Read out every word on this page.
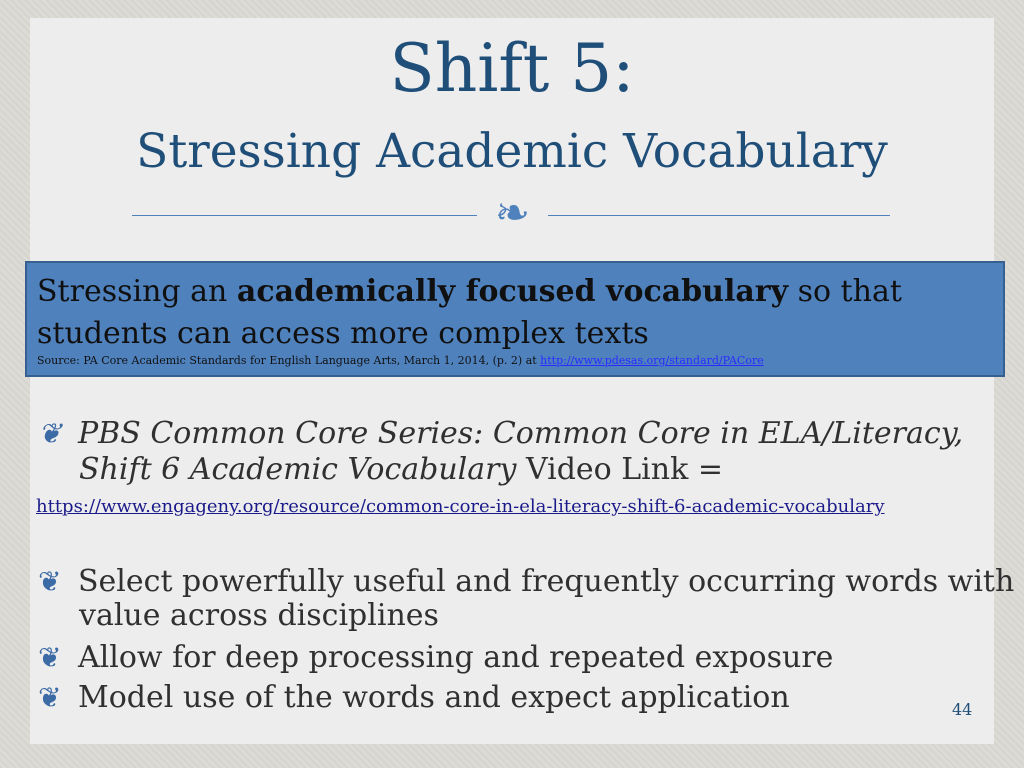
Shift 5:
Stressing Academic Vocabulary
❧
Stressing an academically focused vocabulary so that students can access more complex texts
Source: PA Core Academic Standards for English Language Arts, March 1, 2014, (p. 2) at http://www.pdesas.org/standard/PACore
❦ PBS Common Core Series: Common Core in ELA/Literacy,
Shift 6 Academic Vocabulary Video Link =
https://www.engageny.org/resource/common-core-in-ela-literacy-shift-6-academic-vocabulary
❦ Select powerfully useful and frequently occurring words with
value across disciplines
❦ Allow for deep processing and repeated exposure
❦ Model use of the words and expect application	44
